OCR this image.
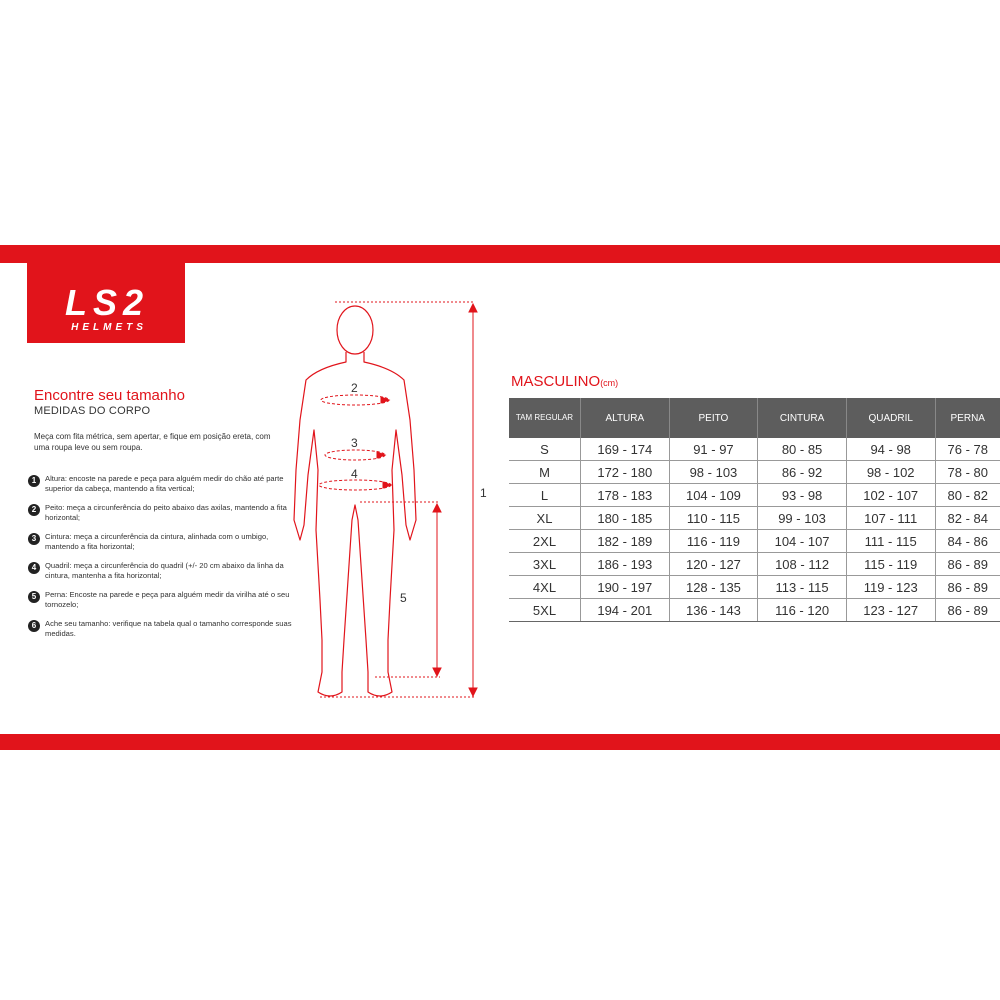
LS2
HELMETS
Encontre seu tamanho
MEDIDAS DO CORPO
Meça com fita métrica, sem apertar, e fique em posição ereta, com uma roupa leve ou sem roupa.
1	Altura: encoste na parede e peça para alguém medir do chão até parte superior da cabeça, mantendo a fita vertical;
2	Peito: meça a circunferência do peito abaixo das axilas, mantendo a fita horizontal;
3	Cintura: meça a circunferência da cintura, alinhada com o umbigo, mantendo a fita horizontal;
4	Quadril: meça a circunferência do quadril (+/- 20 cm abaixo da linha da cintura, mantenha a fita horizontal;
5	Perna: Encoste na parede e peça para alguém medir da virilha até o seu tornozelo;
6	Ache seu tamanho: verifique na tabela qual o tamanho corresponde suas medidas.
1
2
3
4
5
MASCULINO(cm)
TAM REGULAR	ALTURA	PEITO	CINTURA	QUADRIL	PERNA
S	169 - 174	91 - 97	80 - 85	94 - 98	76 - 78
M	172 - 180	98 - 103	86 - 92	98 - 102	78 - 80
L	178 - 183	104 - 109	93 - 98	102 - 107	80 - 82
XL	180 - 185	110 - 115	99 - 103	107 - 111	82 - 84
2XL	182 - 189	116 - 119	104 - 107	111 - 115	84 - 86
3XL	186 - 193	120 - 127	108 - 112	115 - 119	86 - 89
4XL	190 - 197	128 - 135	113 - 115	119 - 123	86 - 89
5XL	194 - 201	136 - 143	116 - 120	123 - 127	86 - 89
